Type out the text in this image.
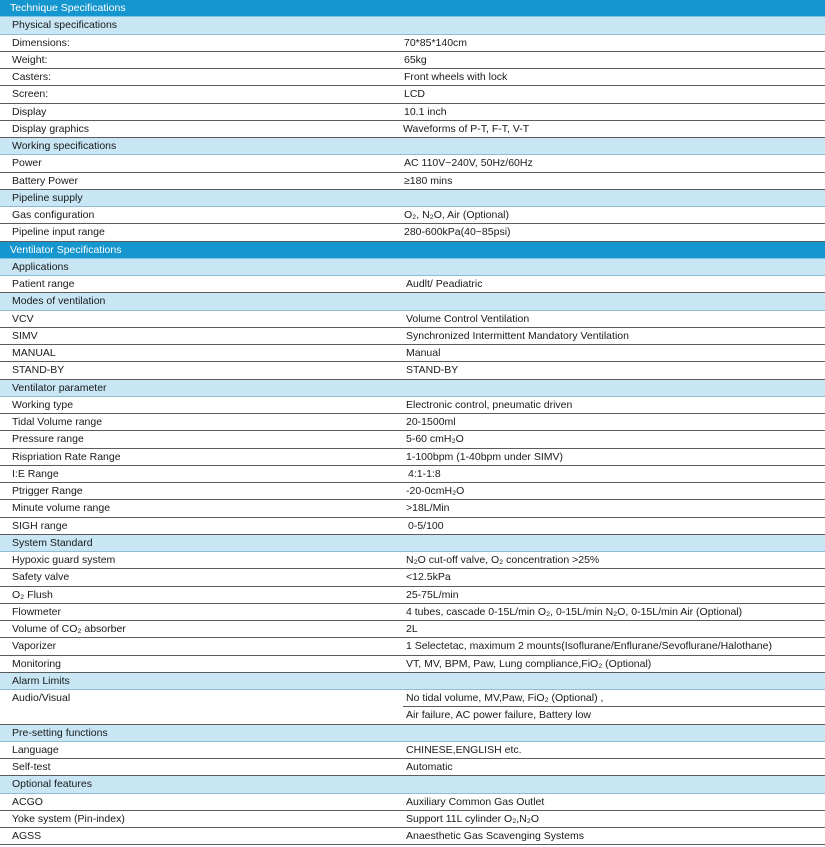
Technique Specifications
Physical specifications
Dimensions:	70*85*140cm
Weight:	65kg
Casters:	Front wheels with lock
Screen:	LCD
Display	10.1 inch
Display graphics	Waveforms of P-T, F-T, V-T
Working specifications
Power	AC 110V~240V, 50Hz/60Hz
Battery Power	≥180 mins
Pipeline supply
Gas configuration	O₂, N₂O, Air (Optional)
Pipeline input range	280-600kPa(40~85psi)
Ventilator Specifications
Applications
Patient range	Audlt/ Peadiatric
Modes of ventilation
VCV	Volume Control Ventilation
SIMV	Synchronized Intermittent Mandatory Ventilation
MANUAL	Manual
STAND-BY	STAND-BY
Ventilator parameter
Working type	Electronic control, pneumatic driven
Tidal Volume range	20-1500ml
Pressure range	5-60 cmH₂O
Rispriation Rate Range	1-100bpm (1-40bpm under SIMV)
I:E Range	4:1-1:8
Ptrigger Range	-20-0cmH₂O
Minute volume range	>18L/Min
SIGH range	0-5/100
System Standard
Hypoxic guard system	N₂O cut-off valve, O₂ concentration >25%
Safety valve	<12.5kPa
O₂ Flush	25-75L/min
Flowmeter	4 tubes, cascade 0-15L/min O₂, 0-15L/min N₂O, 0-15L/min Air (Optional)
Volume of CO₂ absorber	2L
Vaporizer	1 Selectetac, maximum 2 mounts(Isoflurane/Enflurane/Sevoflurane/Halothane)
Monitoring	VT, MV, BPM, Paw, Lung compliance,FiO₂ (Optional)
Alarm Limits
Audio/Visual	No tidal volume, MV,Paw, FiO₂ (Optional) ,
Air failure, AC power failure, Battery low
Pre-setting functions
Language	CHINESE,ENGLISH etc.
Self-test	Automatic
Optional features
ACGO	Auxiliary Common Gas Outlet
Yoke system (Pin-index)	Support 11L cylinder O₂,N₂O
AGSS	Anaesthetic Gas Scavenging Systems
